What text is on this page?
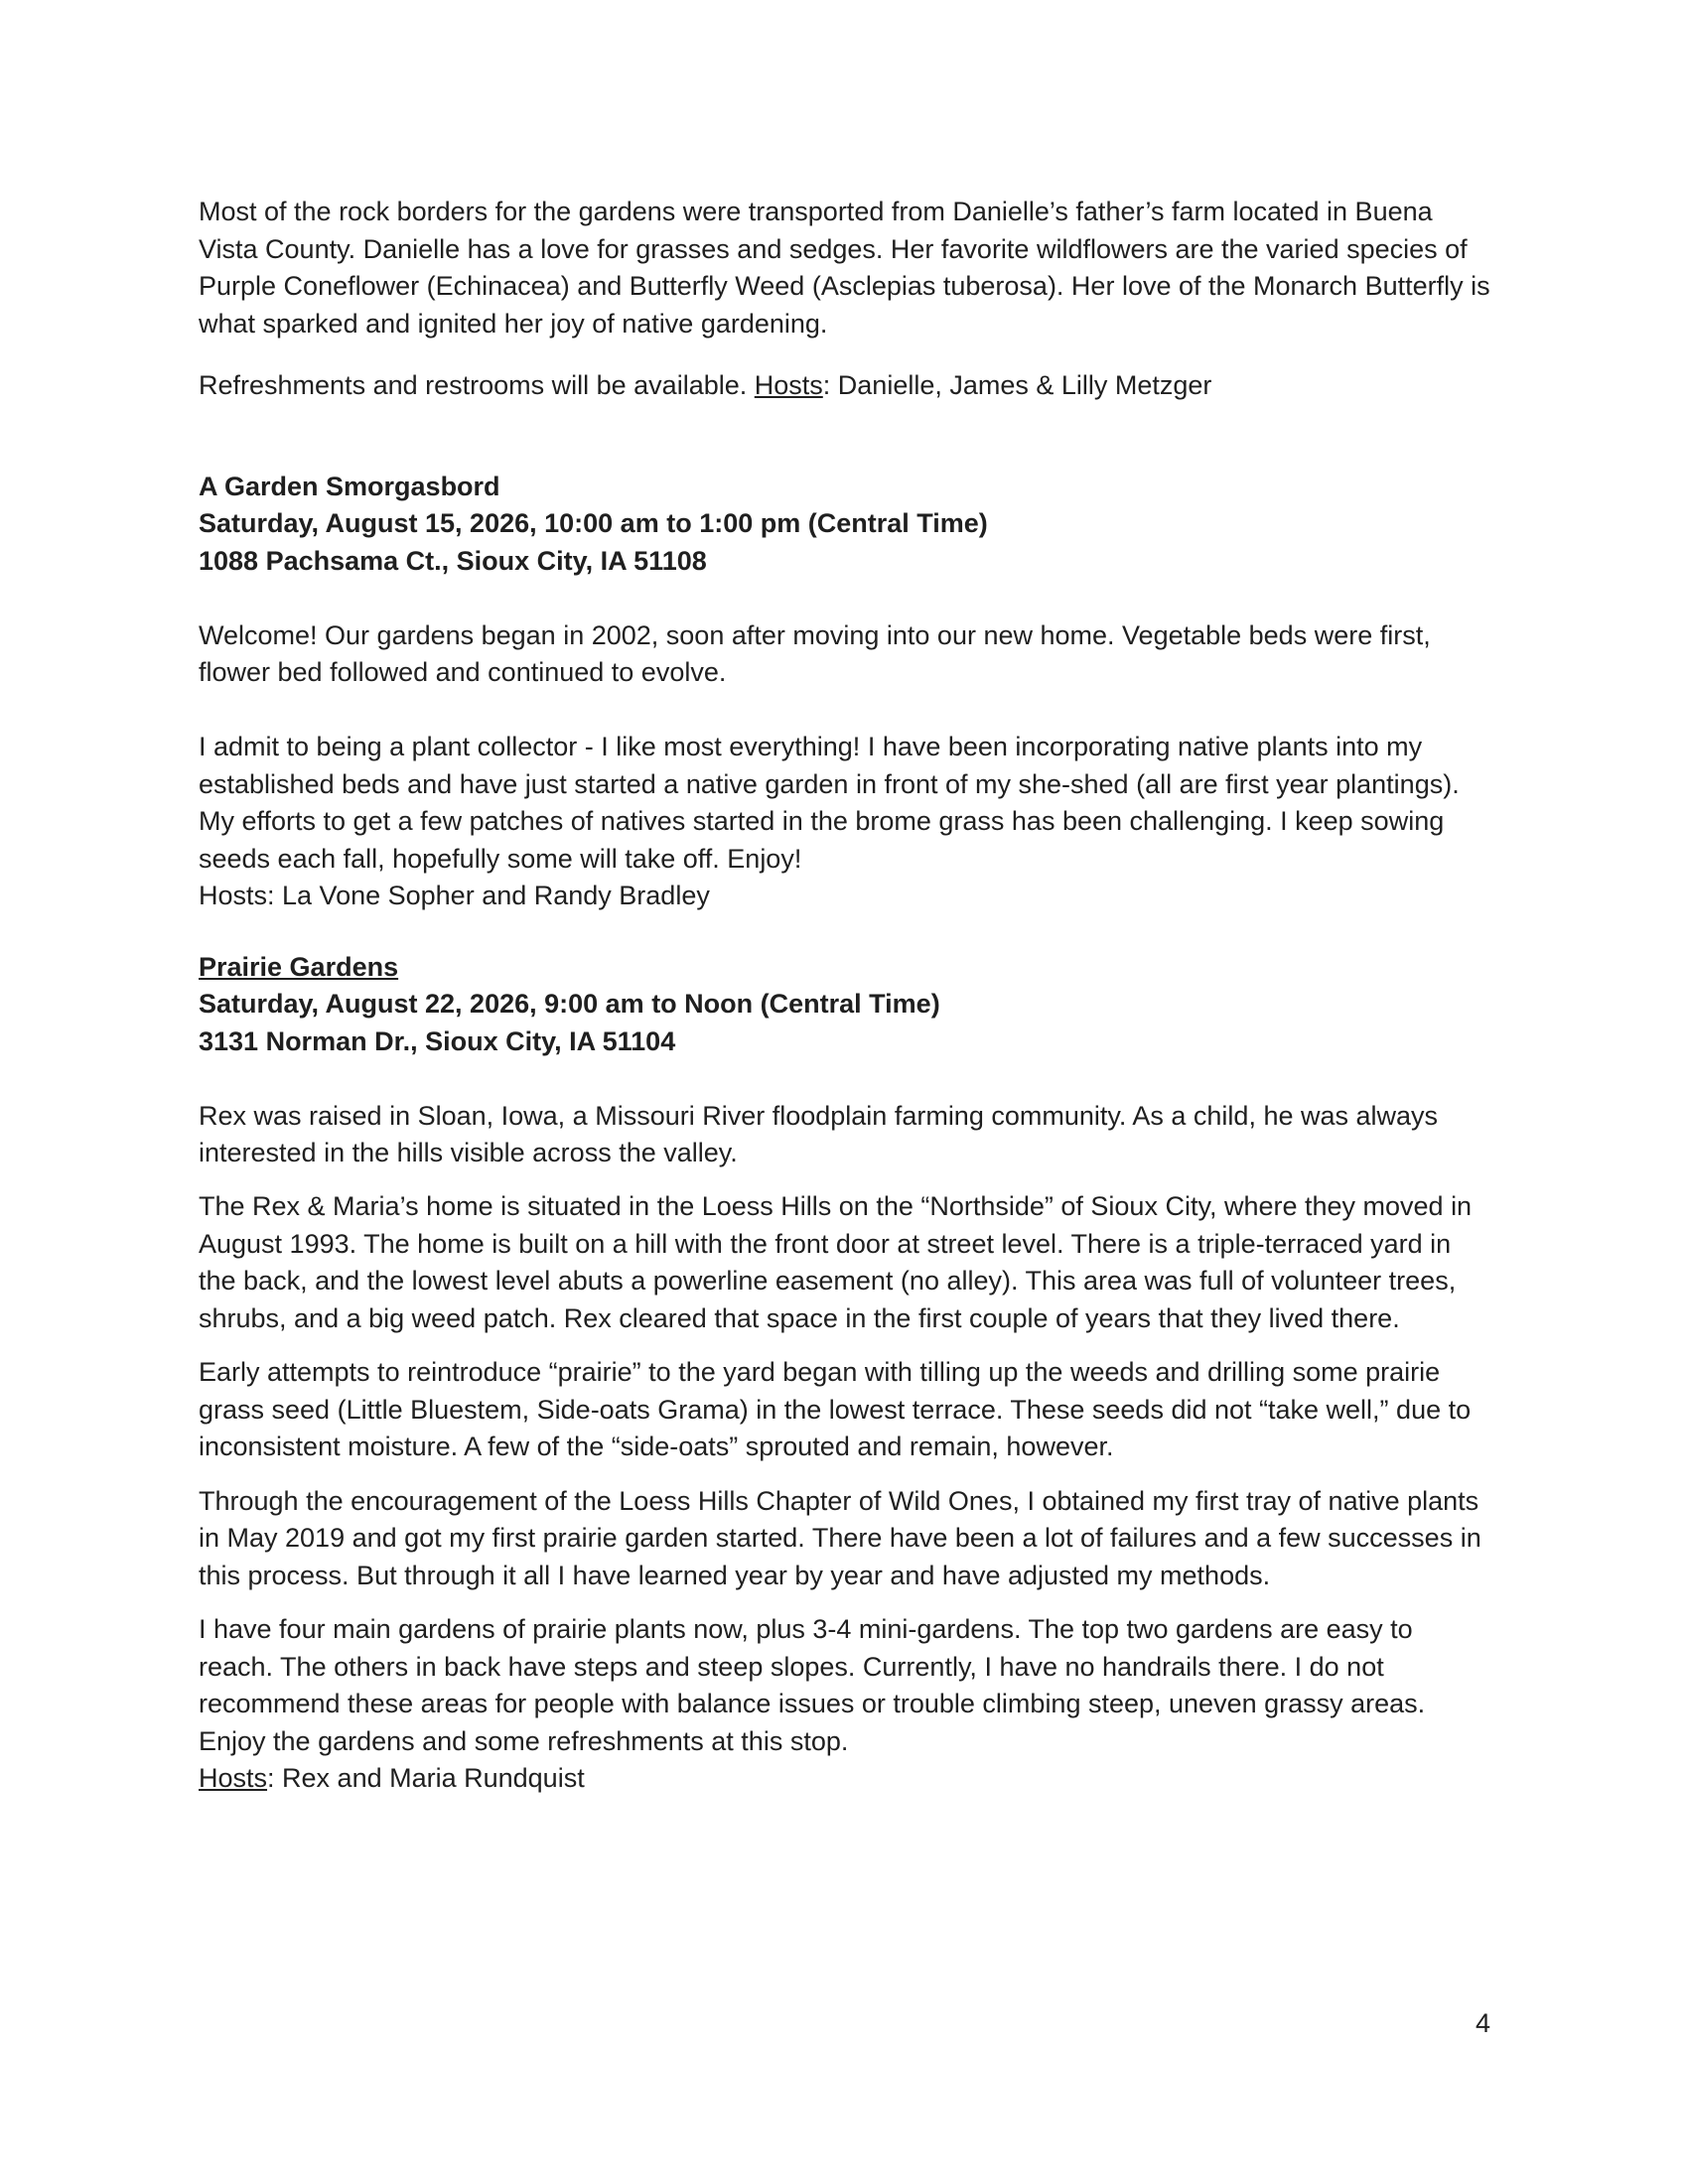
Most of the rock borders for the gardens were transported from Danielle’s father’s farm located in Buena Vista County. Danielle has a love for grasses and sedges. Her favorite wildflowers are the varied species of Purple Coneflower (Echinacea) and Butterfly Weed (Asclepias tuberosa). Her love of the Monarch Butterfly is what sparked and ignited her joy of native gardening.

Refreshments and restrooms will be available. Hosts: Danielle, James & Lilly Metzger

A Garden Smorgasbord

Saturday, August 15, 2026, 10:00 am to 1:00 pm (Central Time)

1088 Pachsama Ct., Sioux City, IA 51108

Welcome! Our gardens began in 2002, soon after moving into our new home. Vegetable beds were first, flower bed followed and continued to evolve.

I admit to being a plant collector - I like most everything! I have been incorporating native plants into my established beds and have just started a native garden in front of my she-shed (all are first year plantings). My efforts to get a few patches of natives started in the brome grass has been challenging. I keep sowing seeds each fall, hopefully some will take off. Enjoy!

Hosts: La Vone Sopher and Randy Bradley

Prairie Gardens

Saturday, August 22, 2026, 9:00 am to Noon (Central Time)

3131 Norman Dr., Sioux City, IA 51104

Rex was raised in Sloan, Iowa, a Missouri River floodplain farming community. As a child, he was always interested in the hills visible across the valley.

The Rex & Maria’s home is situated in the Loess Hills on the “Northside” of Sioux City, where they moved in August 1993. The home is built on a hill with the front door at street level. There is a triple-terraced yard in the back, and the lowest level abuts a powerline easement (no alley). This area was full of volunteer trees, shrubs, and a big weed patch. Rex cleared that space in the first couple of years that they lived there.

Early attempts to reintroduce “prairie” to the yard began with tilling up the weeds and drilling some prairie grass seed (Little Bluestem, Side-oats Grama) in the lowest terrace. These seeds did not “take well,” due to inconsistent moisture. A few of the “side-oats” sprouted and remain, however.

Through the encouragement of the Loess Hills Chapter of Wild Ones, I obtained my first tray of native plants in May 2019 and got my first prairie garden started. There have been a lot of failures and a few successes in this process. But through it all I have learned year by year and have adjusted my methods.

I have four main gardens of prairie plants now, plus 3-4 mini-gardens. The top two gardens are easy to reach. The others in back have steps and steep slopes. Currently, I have no handrails there. I do not recommend these areas for people with balance issues or trouble climbing steep, uneven grassy areas. Enjoy the gardens and some refreshments at this stop.

Hosts: Rex and Maria Rundquist

4
